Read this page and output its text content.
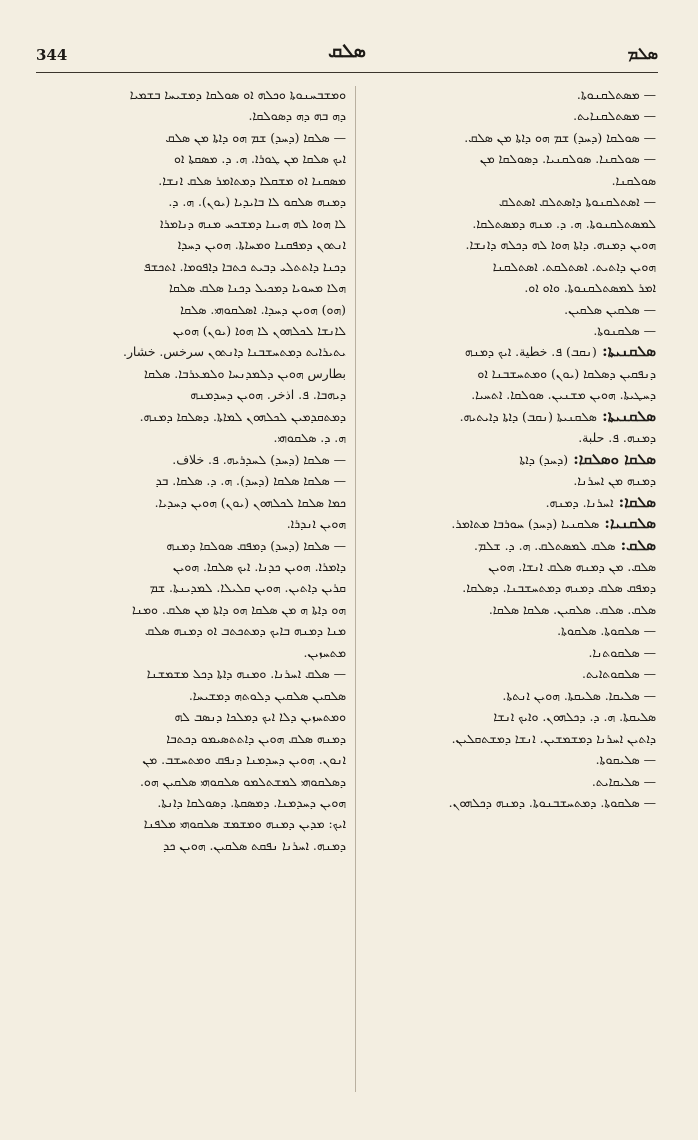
344	ܣܠܩ	ܣܠܡ
ܘܡܫܒܚܢܘܬܐ ܘܟܠܗ ܐܘ ܣܘܠܩܐ ܕܡܫܝܚܐ ܒܫܡܝܐ
ܕܗ ܒܗ ܕܗ ܕܣܘܠܩܐ.
— ܣܠܩܐ (ܕܚܕ) ܫܡ ܗܘ ܕܐܬܐ ܡܢ ܣܠܩ
ܐܝܟ ܣܠܩܐ ܡܢ ܛܘܪܐ. ܗ. ܕ. ܡܣܩܬܐ ܐܘ
ܡܣܩܢܐ ܐܘ ܡܫܩܠܐ ܕܡܬܐܡܪ ܣܠܩ ܐܢܫܐ.
ܕܡܢܗ ܣܠܩܘ ܠܐ ܒܐܝܕܝܐ (ܝܘܢ). ܗ. ܕ.
ܠܐ ܗܘܐ ܠܗ ܗܝܢܐ ܕܡܫܟܚ ܡܢܗ ܕܢܐܡܪܐ
ܐܢܬܘܢ ܕܡܦܩܢܐ ܘܡܚܐܬܐ. ܗܘܝܢ ܕܚܕܐ
ܕܟܢܐ ܕܐܬܬܠܝ ܕܒܝܬ ܟܬܒܐ ܕܐܦܘܡܐ. ܐܬܟܫܦ
ܗܠܐ ܡܚܘܝܐ ܕܡܟܝܠ ܕܟܢܐ ܣܠܩ ܣܠܩܐ
(ܗܘ) ܗܘܝܢ ܕܚܕܐ. ܐܣܠܩܘܗܝ. ܣܠܩܐ
ܠܐܢܫܐ ܠܟܠܗܘܢ ܠܐ ܗܘܐ (ܝܘܢ) ܗܘܝܢ
ܝܬܝܪܐܝܬ ܕܡܬܚܫܒܢܐ ܕܐܢܬܘܢ سرخس. خشار.
بطارس ܗܘܝܢ ܕܠܡܕܢܚܐ ܘܠܡܥܪܒܐ. ܣܠܩܐ
ܕܝܗܒܐ. ܦ. اذخر. ܗܘܝܢ ܕܚܕܡܢܗ
ܕܡܬܩܕܡܝܢ ܠܟܠܗܘܢ ܠܡܐܬܐ. ܕܣܠܩܐ ܕܡܢܗ.
ܗ. ܕ. ܣܠܩܘܗܝ.
— ܣܠܩܐ (ܕܚܕ) ܠܚܕܪܝܗ. ܦ. خلاف.
— ܣܠܩܐ ܣܠܩܐ (ܕܚܕ). ܗ. ܕ. ܣܠܩܐ. ܒܕ
ܟܡܐ ܣܠܩܐ ܠܟܠܗܘܢ (ܝܘܢ) ܗܘܝܢ ܕܚܕܝܐ.
ܗܘܝܢ ܐܢܕܪܐ.
— ܣܠܩܐ (ܕܚܕ) ܕܡܦܩ ܣܘܠܩܐ ܕܡܢܗ
ܕܐܡܪܐ. ܗܘܝܢ ܟܕܢܐ. ܐܝܟ ܣܠܩܐ. ܗܘܝܢ
ܩܪܝܢ ܕܐܬܝܢ. ܗܘܝܢ ܩܠܝܠܐ. ܠܡܕܝܢܬܐ. ܫܡ
ܗܘ ܕܐܬܐ ܗ ܡܢ ܣܠܩܐ ܗܘ ܕܐܬܐ ܡܢ ܣܠܩ. ܘܡܢܐ
ܡܢܐ ܕܡܢܗ ܒܐܝܟ ܕܡܬܟܬܒ ܐܘ ܕܡܢܗ ܣܠܩ
ܡܬܚܙܝܢ.
— ܣܠܩ ܐܚܪܢܐ. ܘܡܢܗ ܕܐܬܐ ܕܟܠ ܡܫܡܫܢܐ
ܣܠܩܝܢ ܣܠܩܝܢ ܕܠܘܬܗ ܕܡܫܝܚܐ.
ܘܡܬܚܙܝܢ ܕܠܐ ܐܝܟ ܕܡܠܟܐ ܕܢܣܒ ܠܗ
ܕܡܢܗ ܣܠܩ ܗܘܝܢ ܕܐܬܬܣܝܡܘ ܕܟܬܒܐ
ܐܢܘܢ. ܗܘܝܢ ܕܚܕܡܢܐ ܕܢܦܩ ܘܡܬܚܫܒ. ܡܢ
ܕܣܠܩܘܗܝ ܠܡܫܬܠܡܘ ܣܠܩܘܗܝ ܣܠܩܝܢ ܗܘ.
ܗܘܝܢ ܕܚܕܡܢܐ. ܕܡܣܩܬܐ. ܕܣܘܠܩܐ ܕܐܢܬܐ.
ܐܝܟ: ܡܕܝܢ ܕܡܢܗ ܘܡܫܡܫ ܣܠܩܘܗܝ ܡܠܦܢܐ
ܕܡܢܗ. ܐܚܪܢܐ ܢܦܩܬ ܣܠܩܝܢ. ܗܘܝܢ ܟܕ
— ܡܣܬܠܩܢܘܬܐ.
— ܡܣܬܠܩܢܐܝܬ.
— ܣܘܠܩܐ (ܕܚܕ) ܫܡ ܗܘ ܕܐܬܐ ܡܢ ܣܠܩ.
— ܣܘܠܩܢܐ. ܣܘܠܩܢܝܐ. ܕܣܘܠܩܐ ܡܢ
ܣܘܠܩܢܐ.
— ܐܣܬܠܩܢܘܬܐ ܕܐܣܬܠܩ ܐܣܬܠܩ
ܠܡܣܬܠܩܢܘܬܐ. ܗ. ܕ. ܡܢܗ ܕܡܣܬܠܩܐ.
ܗܘܝܢ ܕܡܢܗ. ܕܐܬܐ ܗܘܐ ܠܗ ܕܟܠܗ ܕܐܢܫܐ.
ܗܘܝܢ ܕܐܬܝܬ. ܐܣܬܠܩܬ. ܐܣܬܠܩܢܐ
ܐܡܪ ܠܡܣܬܠܩܢܘܬܐ. ܘܐܘ ܐܘ.
— ܣܠܩܝܢ ܣܠܩܝܢ.
— ܣܠܩܢܘܬܐ.
ܣܠܩܢܝܬܐ: (ܢܩܒ) ܦ. خطية. ܐܝܟ ܕܡܢܗ
ܕܢܦܩܝܢ ܕܣܠܩܐ (ܝܘܢ) ܘܡܬܚܫܒܢܐ ܐܘ
ܕܚܛܝܬܐ. ܗܘܝܢ ܡܫܢܝܢ. ܣܘܠܩܐ. ܐܬܚܝܐ.
ܣܠܩܢܝܬܐ: ܣܠܩܢܝܬܐ (ܢܩܒ) ܕܐܬܐ ܕܐܝܬܝܗ.
ܕܡܢܗ. ܦ. حلبة.
ܣܠܩܐ ܘܣܠܩܐ: (ܕܚܕ) ܕܐܬܐ
ܕܡܢܗ ܡܢ ܐܚܪܢܐ.
ܣܠܩܐ: ܐܚܪܢܐ. ܕܡܢܗ.
ܣܠܩܢܝܐ: ܣܠܩܢܝܐ (ܕܚܕ) ܚܘܪܒܐ ܡܬܐܡܪ.
ܣܠܩ: ܣܠܩ ܠܡܣܬܠܩ. ܗ. ܕ. ܫܠܡ.
ܣܠܩ. ܡܢ ܕܡܢܗ ܣܠܩ ܐܢܫܐ. ܗܘܝܢ
ܕܡܦܩ ܣܠܩ ܕܡܢܗ ܕܡܬܚܫܒܢܐ. ܕܣܠܩܐ.
ܣܠܩ. ܣܠܩ. ܣܠܩܝܢ. ܣܠܩܐ ܣܠܩܐ.
— ܣܠܩܘܬܐ. ܣܠܩܘܬܐ.
— ܣܠܩܘܬܢܐ.
— ܣܠܩܘܬܐܝܬ.
— ܣܠܝܩܐ. ܣܠܝܩܬܐ. ܗܘܝܢ ܐܢܬܬܐ.
ܣܠܝܩܬܐ. ܗ. ܕ. ܕܟܠܗܘܢ. ܘܐܝܟ ܐܢܫܐ
ܕܐܬܝܢ ܐܚܪܢܐ ܕܡܫܡܫܝܢ. ܐܢܫܐ ܕܡܫܬܩܠܝܢ.
— ܣܠܝܩܘܬܐ.
— ܣܠܝܩܐܝܬ.
— ܣܠܩܘܬܐ. ܕܡܬܚܫܒܢܘܬܐ. ܕܡܢܗ ܕܟܠܗܘܢ.
